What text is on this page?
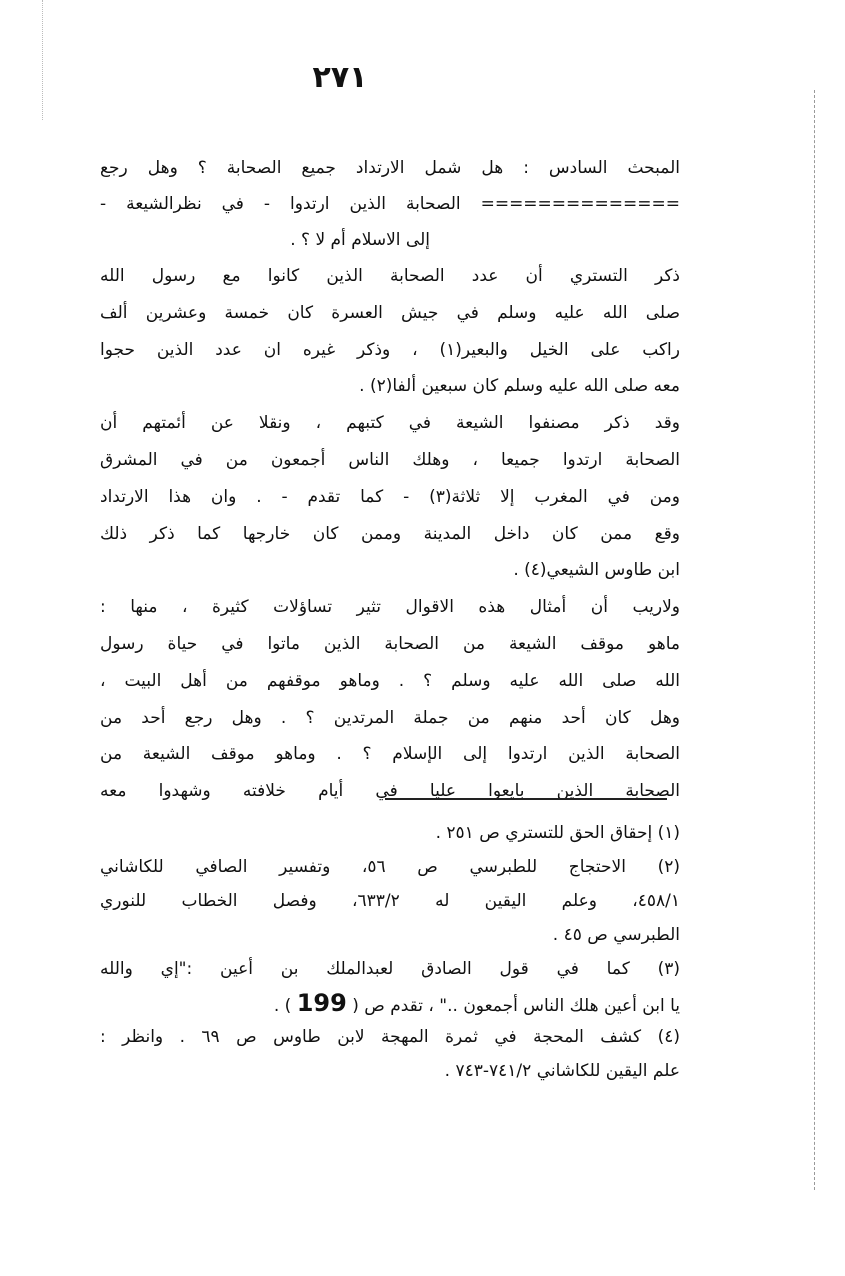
٢٧١
المبحث السادس : هل شمل الارتداد جميع الصحابة ؟ وهل رجع
============== الصحابة الذين ارتدوا - في نظرالشيعة -
إلى الاسلام أم لا ؟ .
ذكر التستري أن عدد الصحابة الذين كانوا مع رسول الله
صلى الله عليه وسلم في جيش العسرة كان خمسة وعشرين ألف
راكب على الخيل والبعير(١) ، وذكر غيره ان عدد الذين حجوا
معه صلى الله عليه وسلم كان سبعين ألفا(٢) .
وقد ذكر مصنفوا الشيعة في كتبهم ، ونقلا عن أئمتهم أن
الصحابة ارتدوا جميعا ، وهلك الناس أجمعون من في المشرق
ومن في المغرب إلا ثلاثة(٣) - كما تقدم - . وان هذا الارتداد
وقع ممن كان داخل المدينة وممن كان خارجها كما ذكر ذلك
ابن طاوس الشيعي(٤) .
ولاريب أن أمثال هذه الاقوال تثير تساؤلات كثيرة ، منها :
ماهو موقف الشيعة من الصحابة الذين ماتوا في حياة رسول
الله صلى الله عليه وسلم ؟ . وماهو موقفهم من أهل البيت ،
وهل كان أحد منهم من جملة المرتدين ؟ . وهل رجع أحد من
الصحابة الذين ارتدوا إلى الإسلام ؟ . وماهو موقف الشيعة من
الصحابة الذين بايعوا عليا في أيام خلافته وشهدوا معه
(١) إحقاق الحق للتستري ص ٢٥١ .
(٢) الاحتجاج للطبرسي ص ٥٦، وتفسير الصافي للكاشاني
٤٥٨/١، وعلم اليقين له ٦٣٣/٢، وفصل الخطاب للنوري
الطبرسي ص ٤٥ .
(٣) كما في قول الصادق لعبدالملك بن أعين :"إي والله
يا ابن أعين هلك الناس أجمعون .." ، تقدم ص ( 199 ) .
(٤) كشف المحجة في ثمرة المهجة لابن طاوس ص ٦٩ . وانظر :
علم اليقين للكاشاني ٧٤١/٢-٧٤٣ .
